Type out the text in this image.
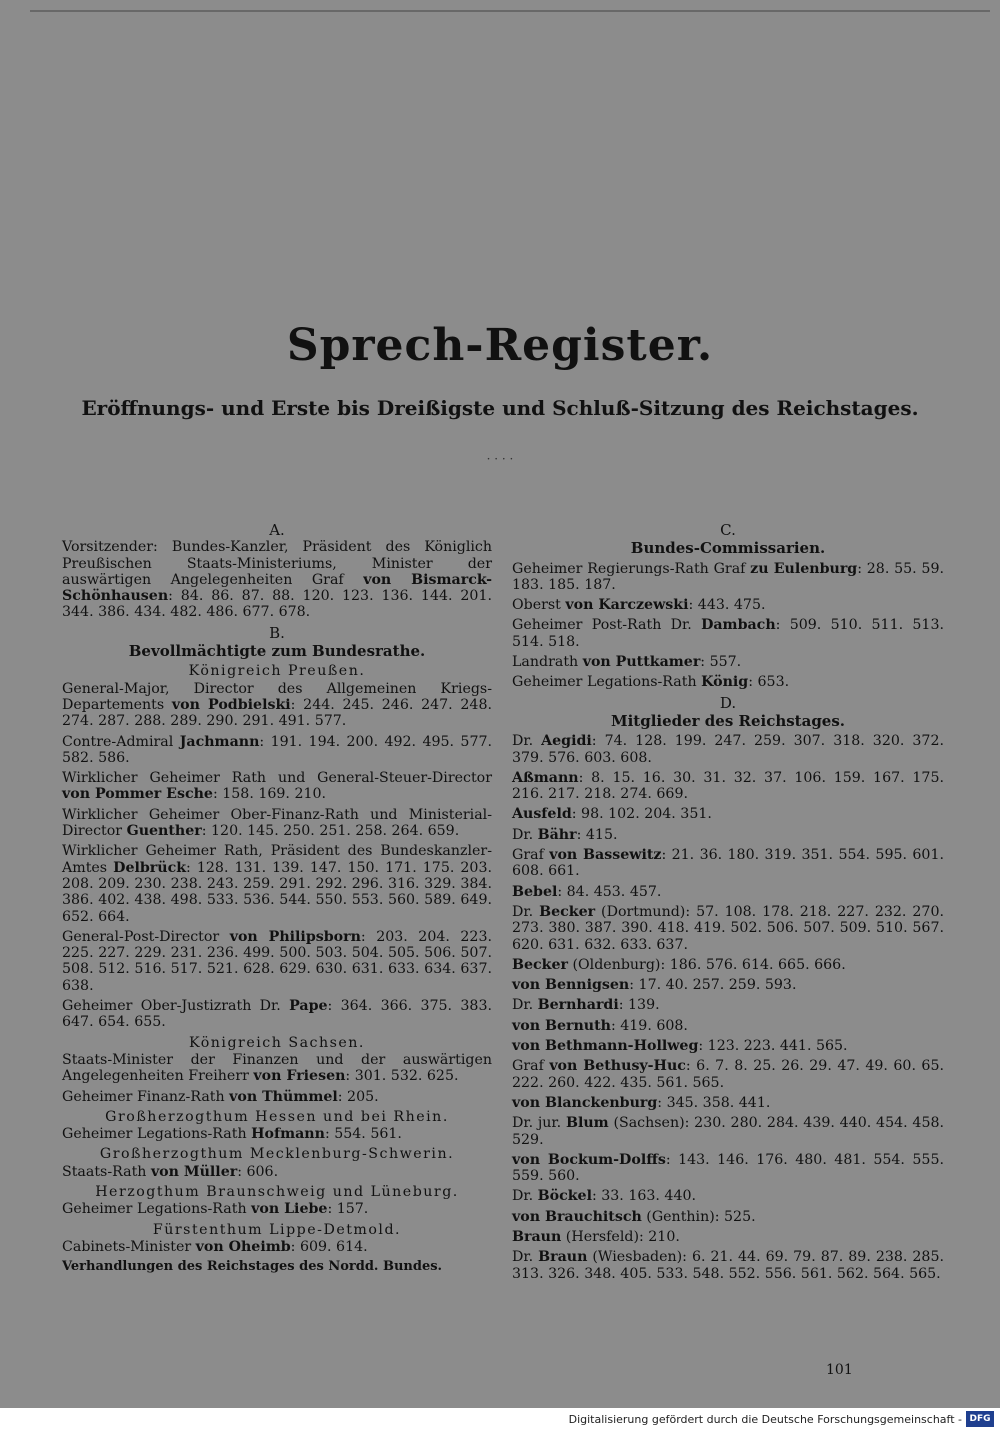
Sprech-Register.
Eröffnungs- und Erste bis Dreißigste und Schluß-Sitzung des Reichstages.
· · · ·
A.
Vorsitzender: Bundes-Kanzler, Präsident des Königlich Preußischen Staats-Ministeriums, Minister der auswärtigen Angelegenheiten Graf von Bismarck-Schönhausen: 84. 86. 87. 88. 120. 123. 136. 144. 201. 344. 386. 434. 482. 486. 677. 678.
B.
Bevollmächtigte zum Bundesrathe.
Königreich Preußen.
General-Major, Director des Allgemeinen Kriegs-Departements von Podbielski: 244. 245. 246. 247. 248. 274. 287. 288. 289. 290. 291. 491. 577.
Contre-Admiral Jachmann: 191. 194. 200. 492. 495. 577. 582. 586.
Wirklicher Geheimer Rath und General-Steuer-Director von Pommer Esche: 158. 169. 210.
Wirklicher Geheimer Ober-Finanz-Rath und Ministerial-Director Guenther: 120. 145. 250. 251. 258. 264. 659.
Wirklicher Geheimer Rath, Präsident des Bundeskanzler-Amtes Delbrück: 128. 131. 139. 147. 150. 171. 175. 203. 208. 209. 230. 238. 243. 259. 291. 292. 296. 316. 329. 384. 386. 402. 438. 498. 533. 536. 544. 550. 553. 560. 589. 649. 652. 664.
General-Post-Director von Philipsborn: 203. 204. 223. 225. 227. 229. 231. 236. 499. 500. 503. 504. 505. 506. 507. 508. 512. 516. 517. 521. 628. 629. 630. 631. 633. 634. 637. 638.
Geheimer Ober-Justizrath Dr. Pape: 364. 366. 375. 383. 647. 654. 655.
Königreich Sachsen.
Staats-Minister der Finanzen und der auswärtigen Angelegenheiten Freiherr von Friesen: 301. 532. 625.
Geheimer Finanz-Rath von Thümmel: 205.
Großherzogthum Hessen und bei Rhein.
Geheimer Legations-Rath Hofmann: 554. 561.
Großherzogthum Mecklenburg-Schwerin.
Staats-Rath von Müller: 606.
Herzogthum Braunschweig und Lüneburg.
Geheimer Legations-Rath von Liebe: 157.
Fürstenthum Lippe-Detmold.
Cabinets-Minister von Oheimb: 609. 614.
Verhandlungen des Reichstages des Nordd. Bundes.
C.
Bundes-Commissarien.
Geheimer Regierungs-Rath Graf zu Eulenburg: 28. 55. 59. 183. 185. 187.
Oberst von Karczewski: 443. 475.
Geheimer Post-Rath Dr. Dambach: 509. 510. 511. 513. 514. 518.
Landrath von Puttkamer: 557.
Geheimer Legations-Rath König: 653.
D.
Mitglieder des Reichstages.
Dr. Aegidi: 74. 128. 199. 247. 259. 307. 318. 320. 372. 379. 576. 603. 608.
Aßmann: 8. 15. 16. 30. 31. 32. 37. 106. 159. 167. 175. 216. 217. 218. 274. 669.
Ausfeld: 98. 102. 204. 351.
Dr. Bähr: 415.
Graf von Bassewitz: 21. 36. 180. 319. 351. 554. 595. 601. 608. 661.
Bebel: 84. 453. 457.
Dr. Becker (Dortmund): 57. 108. 178. 218. 227. 232. 270. 273. 380. 387. 390. 418. 419. 502. 506. 507. 509. 510. 567. 620. 631. 632. 633. 637.
Becker (Oldenburg): 186. 576. 614. 665. 666.
von Bennigsen: 17. 40. 257. 259. 593.
Dr. Bernhardi: 139.
von Bernuth: 419. 608.
von Bethmann-Hollweg: 123. 223. 441. 565.
Graf von Bethusy-Huc: 6. 7. 8. 25. 26. 29. 47. 49. 60. 65. 222. 260. 422. 435. 561. 565.
von Blanckenburg: 345. 358. 441.
Dr. jur. Blum (Sachsen): 230. 280. 284. 439. 440. 454. 458. 529.
von Bockum-Dolffs: 143. 146. 176. 480. 481. 554. 555. 559. 560.
Dr. Böckel: 33. 163. 440.
von Brauchitsch (Genthin): 525.
Braun (Hersfeld): 210.
Dr. Braun (Wiesbaden): 6. 21. 44. 69. 79. 87. 89. 238. 285. 313. 326. 348. 405. 533. 548. 552. 556. 561. 562. 564. 565.
101
Digitalisierung gefördert durch die Deutsche Forschungsgemeinschaft - DFG
